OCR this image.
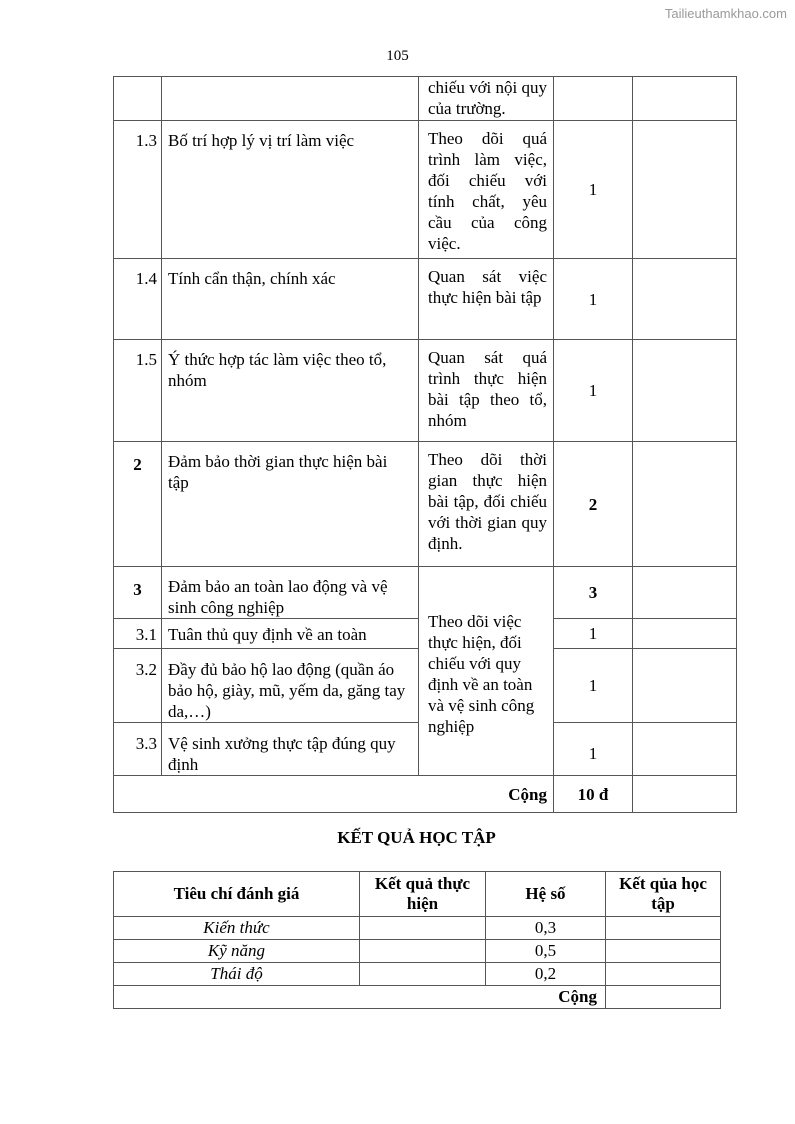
Tailieuthamkhao.com
105
		chiếu với nội quy của trường.		
1.3	Bố trí hợp lý vị trí làm việc	Theo dõi quá trình làm việc, đối chiếu với tính chất, yêu cầu của công việc.	1	
1.4	Tính cẩn thận, chính xác	Quan sát việc thực hiện bài tập	1	
1.5	Ý thức hợp tác làm việc theo tổ, nhóm	Quan sát quá trình thực hiện bài tập theo tổ, nhóm	1	
2	Đảm bảo thời gian thực hiện bài tập	Theo dõi thời gian thực hiện bài tập, đối chiếu với thời gian quy định.	2	
3	Đảm bảo an toàn lao động và vệ sinh công nghiệp	Theo dõi việc thực hiện, đối chiếu với quy định về an toàn và vệ sinh công nghiệp	3	
3.1	Tuân thủ quy định về an toàn		1	
3.2	Đầy đủ bảo hộ lao động (quần áo bảo hộ, giày, mũ, yếm da, găng tay da,…)		1	
3.3	Vệ sinh xưởng thực tập đúng quy định		1	
Cộng			10 đ	
KẾT QUẢ HỌC TẬP
Tiêu chí đánh giá	Kết quả thực hiện	Hệ số	Kết qủa học tập
Kiến thức		0,3	
Kỹ năng		0,5	
Thái độ		0,2	
Cộng			
